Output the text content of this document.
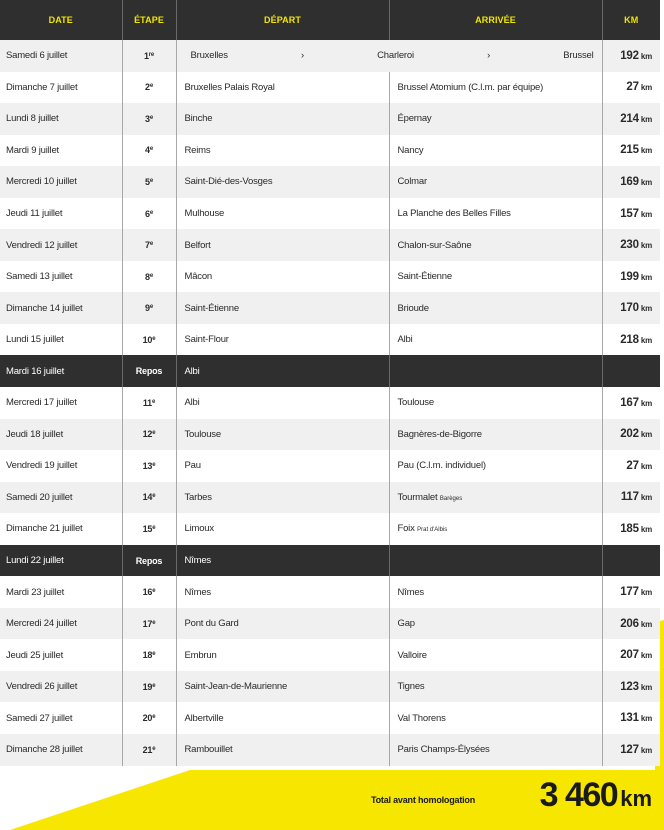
DATE	ÉTAPE	DÉPART	ARRIVÉE	KM
Samedi 6 juillet	1re	Bruxelles › Charleroi › Brussel		192 km
Dimanche 7 juillet	2e	Bruxelles Palais Royal	Brussel Atomium (C.l.m. par équipe)	27 km
Lundi 8 juillet	3e	Binche	Épernay	214 km
Mardi 9 juillet	4e	Reims	Nancy	215 km
Mercredi 10 juillet	5e	Saint-Dié-des-Vosges	Colmar	169 km
Jeudi 11 juillet	6e	Mulhouse	La Planche des Belles Filles	157 km
Vendredi 12 juillet	7e	Belfort	Chalon-sur-Saône	230 km
Samedi 13 juillet	8e	Mâcon	Saint-Étienne	199 km
Dimanche 14 juillet	9e	Saint-Étienne	Brioude	170 km
Lundi 15 juillet	10e	Saint-Flour	Albi	218 km
Mardi 16 juillet	Repos	Albi		
Mercredi 17 juillet	11e	Albi	Toulouse	167 km
Jeudi 18 juillet	12e	Toulouse	Bagnères-de-Bigorre	202 km
Vendredi 19 juillet	13e	Pau	Pau (C.l.m. individuel)	27 km
Samedi 20 juillet	14e	Tarbes	Tourmalet Barèges	117 km
Dimanche 21 juillet	15e	Limoux	Foix Prat d'Albis	185 km
Lundi 22 juillet	Repos	Nîmes		
Mardi 23 juillet	16e	Nîmes	Nîmes	177 km
Mercredi 24 juillet	17e	Pont du Gard	Gap	206 km
Jeudi 25 juillet	18e	Embrun	Valloire	207 km
Vendredi 26 juillet	19e	Saint-Jean-de-Maurienne	Tignes	123 km
Samedi 27 juillet	20e	Albertville	Val Thorens	131 km
Dimanche 28 juillet	21e	Rambouillet	Paris Champs-Élysées	127 km
Total avant homologation 3 460 km
